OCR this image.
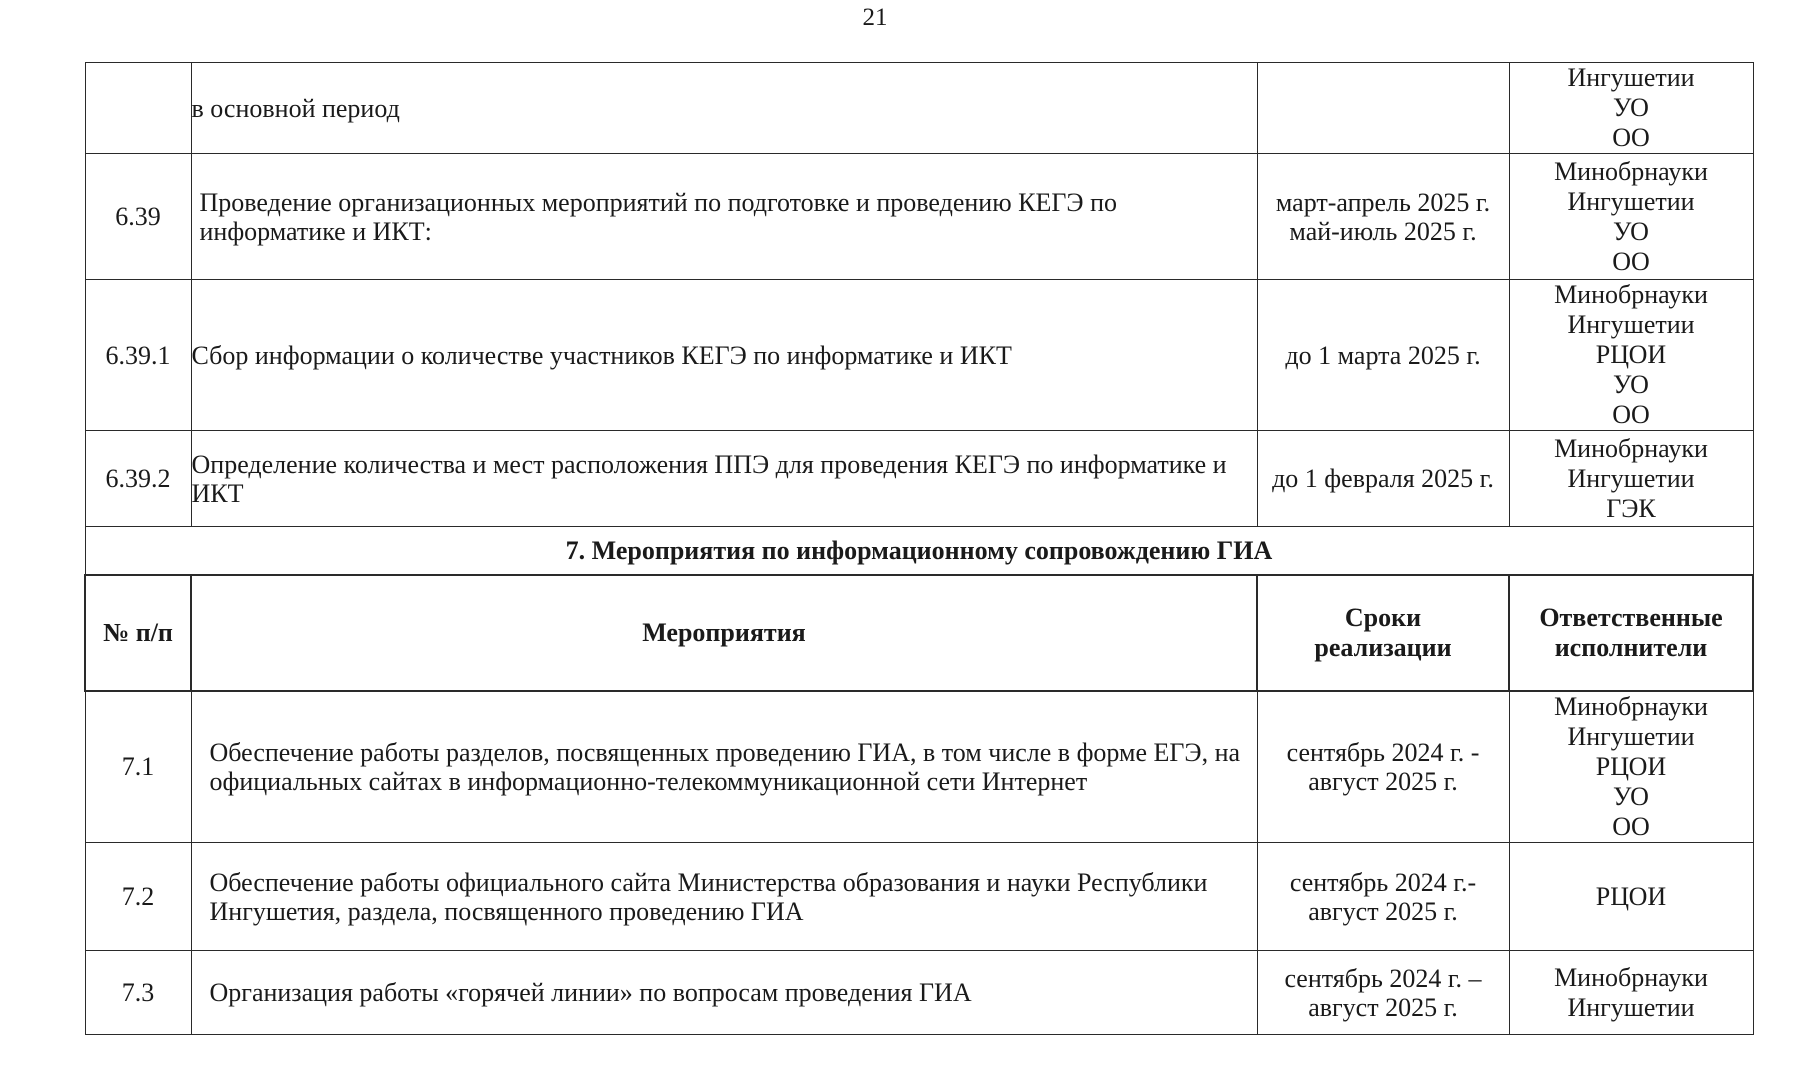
21
	в основной период		Ингушетии
УО
ОО

6.39	Проведение организационных мероприятий по подготовке и проведению КЕГЭ по информатике и ИКТ:	март-апрель 2025 г.
май-июль 2025 г.	Минобрнауки
Ингушетии
УО
ОО

6.39.1	Сбор информации о количестве участников КЕГЭ по информатике и ИКТ	до 1 марта 2025 г.	Минобрнауки
Ингушетии
РЦОИ
УО
ОО

6.39.2	Определение количества и мест расположения ППЭ для проведения КЕГЭ по информатике и ИКТ	до 1 февраля 2025 г.	Минобрнауки
Ингушетии
ГЭК

7. Мероприятия по информационному сопровождению ГИА			
№ п/п	Мероприятия	Сроки
реализации	Ответственные
исполнители

7.1	Обеспечение работы разделов, посвященных проведению ГИА, в том числе в форме ЕГЭ, на официальных сайтах в информационно-телекоммуникационной сети Интернет	сентябрь 2024 г. -
август 2025 г.	Минобрнауки
Ингушетии
РЦОИ
УО
ОО

7.2	Обеспечение работы официального сайта Министерства образования и науки Республики Ингушетия, раздела, посвященного проведению ГИА	сентябрь 2024 г.-
август 2025 г.	РЦОИ

7.3	Организация работы «горячей линии» по вопросам проведения ГИА	сентябрь 2024 г. –
август 2025 г.	Минобрнауки
Ингушетии
